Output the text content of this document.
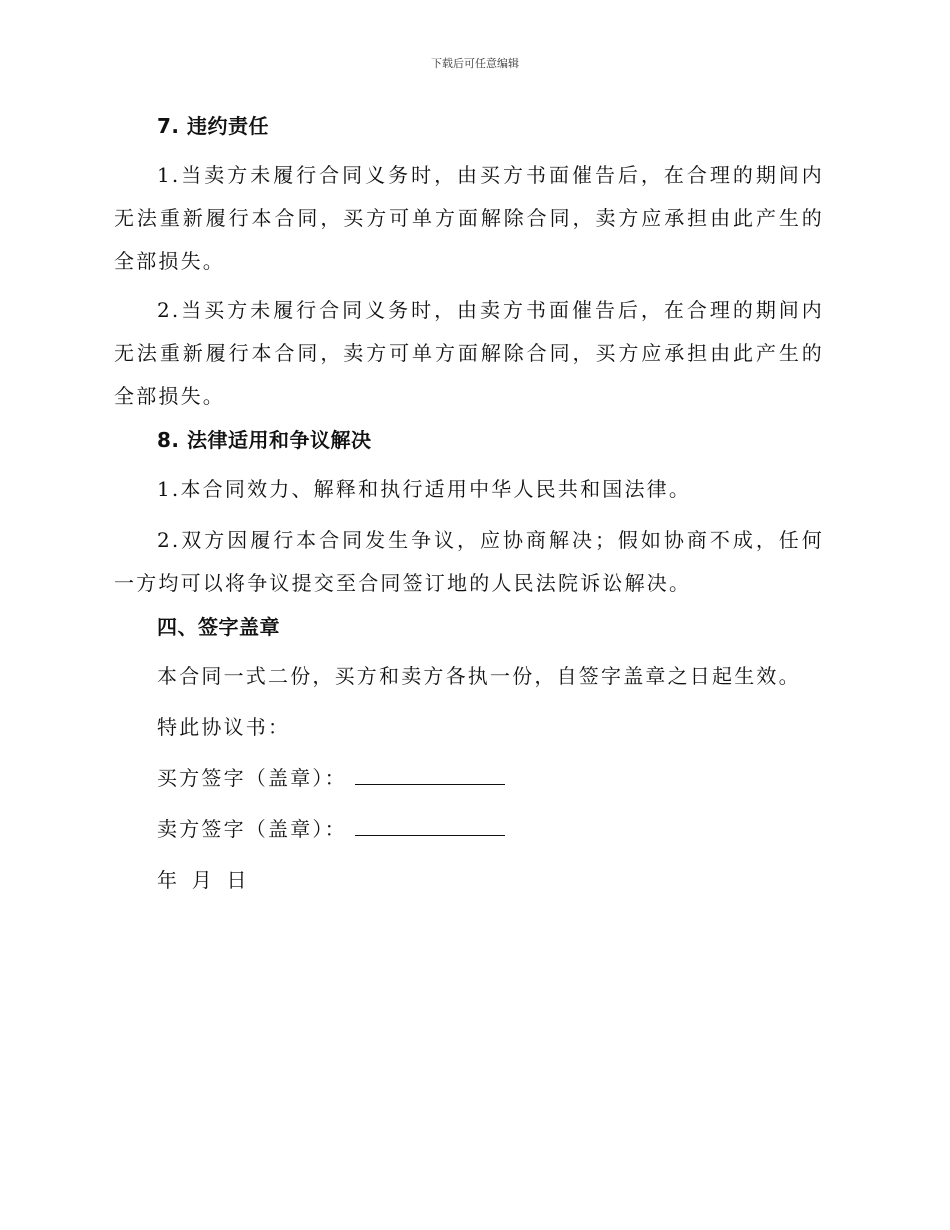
下载后可任意编辑
7. 违约责任

1.当卖方未履行合同义务时，由买方书面催告后，在合理的期间内无法重新履行本合同，买方可单方面解除合同，卖方应承担由此产生的全部损失。

2.当买方未履行合同义务时，由卖方书面催告后，在合理的期间内无法重新履行本合同，卖方可单方面解除合同，买方应承担由此产生的全部损失。

8. 法律适用和争议解决

1.本合同效力、解释和执行适用中华人民共和国法律。

2.双方因履行本合同发生争议，应协商解决；假如协商不成，任何一方均可以将争议提交至合同签订地的人民法院诉讼解决。

四、签字盖章

本合同一式二份，买方和卖方各执一份，自签字盖章之日起生效。

特此协议书：

买方签字（盖章）：
卖方签字（盖章）：
年 月 日
